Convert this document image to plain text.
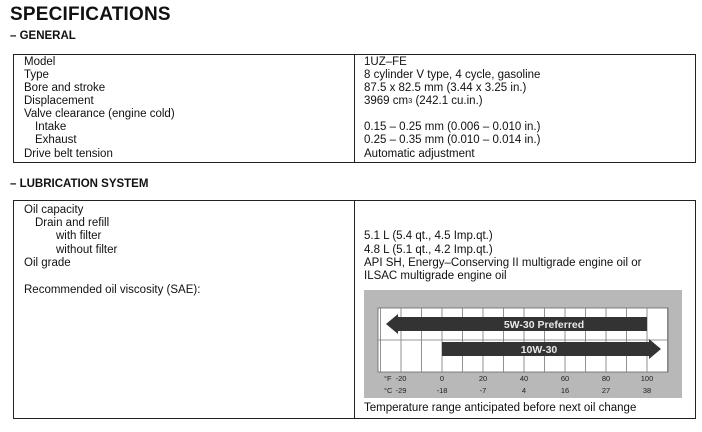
SPECIFICATIONS
– GENERAL
Model	1UZ–FE
Type	8 cylinder V type, 4 cycle, gasoline
Bore and stroke	87.5 x 82.5 mm (3.44 x 3.25 in.)
Displacement	3969 $cm^3$ (242.1 cu.in.)
Valve clearance (engine cold)
Intake	0.15 – 0.25 mm (0.006 – 0.010 in.)
Exhaust	0.25 – 0.35 mm (0.010 – 0.014 in.)
Drive belt tension	Automatic adjustment
– LUBRICATION SYSTEM
Oil capacity
Drain and refill
with filter	5.1 L (5.4 qt., 4.5 Imp.qt.)
without filter	4.8 L (5.1 qt., 4.2 Imp.qt.)
Oil grade	API SH, Energy–Conserving II multigrade engine oil or
ILSAC multigrade engine oil
Recommended oil viscosity (SAE):
5W-30 Preferred
10W-30
°F
°C
-20	0	20	40	60	80	100
-29	-18	-7	4	16	27	38
Temperature range anticipated before next oil change
